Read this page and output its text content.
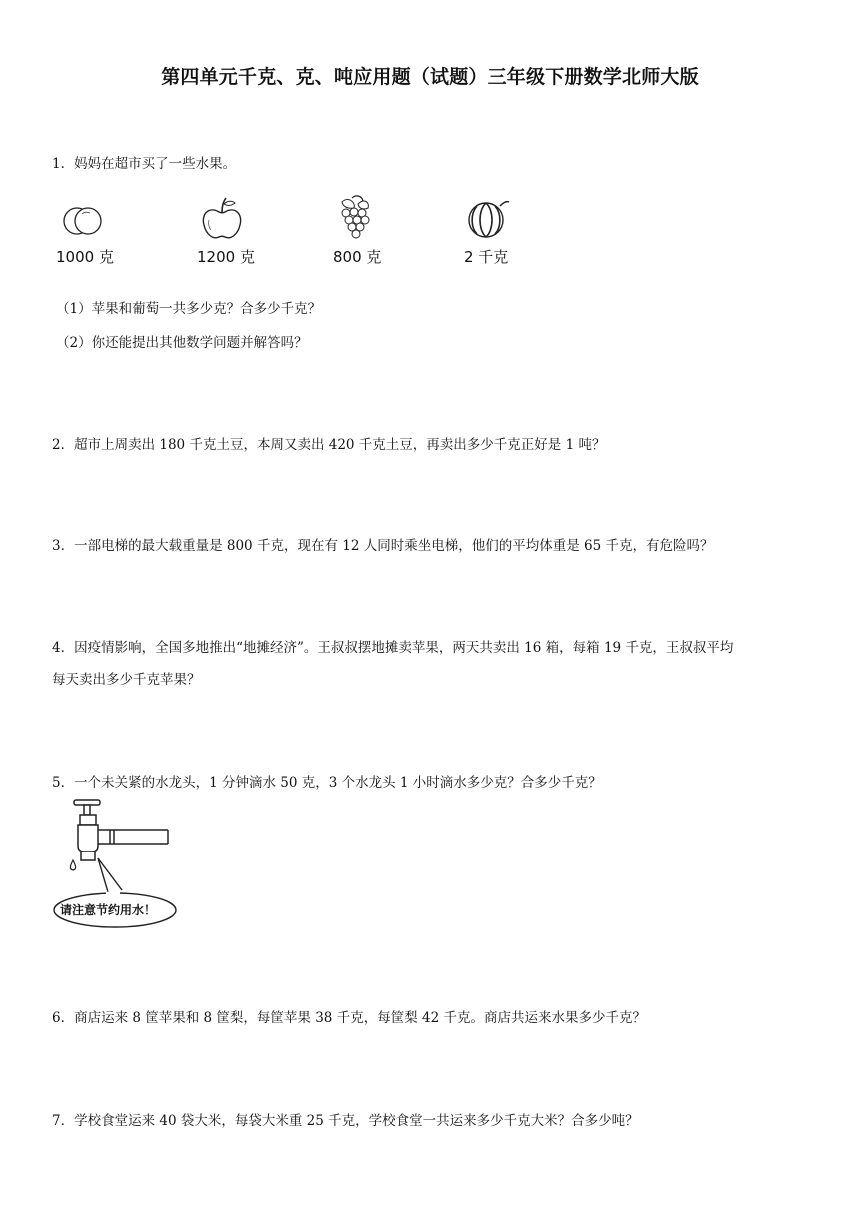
第四单元千克、克、吨应用题（试题）三年级下册数学北师大版
1．妈妈在超市买了一些水果。
1000 克	1200 克	800 克	2 千克
（1）苹果和葡萄一共多少克？合多少千克？
（2）你还能提出其他数学问题并解答吗？
2．超市上周卖出 180 千克土豆，本周又卖出 420 千克土豆，再卖出多少千克正好是 1 吨？
3．一部电梯的最大载重量是 800 千克，现在有 12 人同时乘坐电梯，他们的平均体重是 65 千克，有危险吗？
4．因疫情影响，全国多地推出“地摊经济”。王叔叔摆地摊卖苹果，两天共卖出 16 箱，每箱 19 千克，王叔叔平均
每天卖出多少千克苹果？
5．一个未关紧的水龙头，1 分钟滴水 50 克，3 个水龙头 1 小时滴水多少克？合多少千克？
请注意节约用水！
6．商店运来 8 筐苹果和 8 筐梨，每筐苹果 38 千克，每筐梨 42 千克。商店共运来水果多少千克？
7．学校食堂运来 40 袋大米，每袋大米重 25 千克，学校食堂一共运来多少千克大米？合多少吨？
